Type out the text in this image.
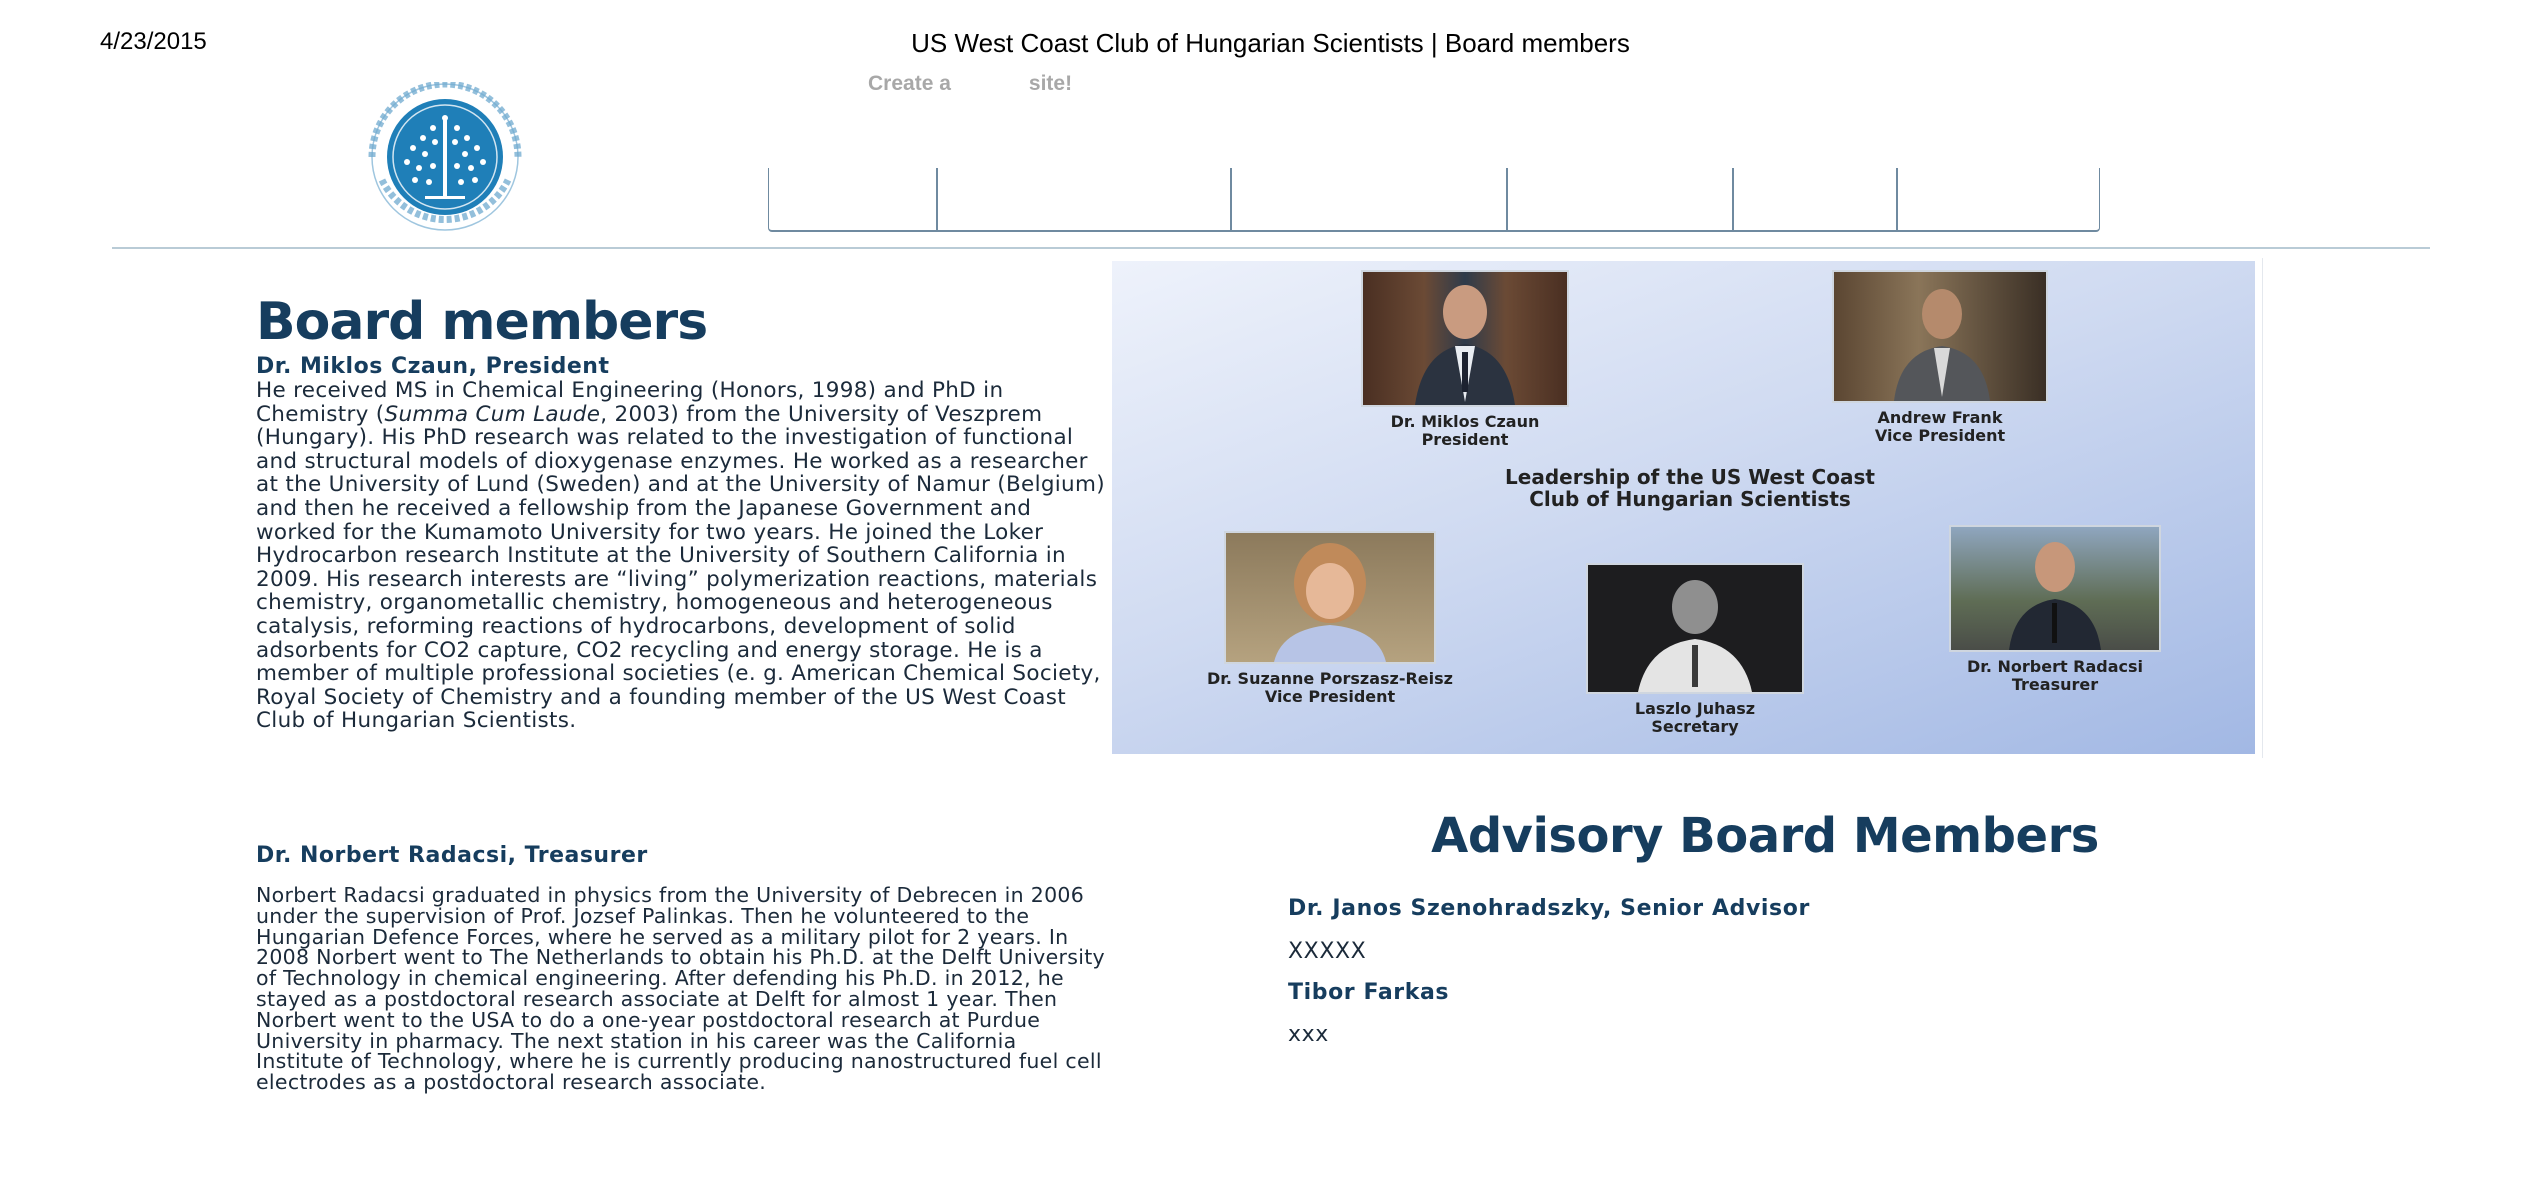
4/23/2015	US West Coast Club of Hungarian Scientists | Board members
Create a	site!
Board members

Dr. Miklos Czaun, President

He received MS in Chemical Engineering (Honors, 1998) and PhD in Chemistry (Summa Cum Laude, 2003) from the University of Veszprem (Hungary). His PhD research was related to the investigation of functional and structural models of dioxygenase enzymes. He worked as a researcher at the University of Lund (Sweden) and at the University of Namur (Belgium) and then he received a fellowship from the Japanese Government and worked for the Kumamoto University for two years. He joined the Loker Hydrocarbon research Institute at the University of Southern California in 2009. His research interests are “living” polymerization reactions, materials chemistry, organometallic chemistry, homogeneous and heterogeneous catalysis, reforming reactions of hydrocarbons, development of solid adsorbents for CO2 capture, CO2 recycling and energy storage. He is a member of multiple professional societies (e. g. American Chemical Society, Royal Society of Chemistry and a founding member of the US West Coast Club of Hungarian Scientists.

Dr. Norbert Radacsi, Treasurer

Norbert Radacsi graduated in physics from the University of Debrecen in 2006 under the supervision of Prof. Jozsef Palinkas. Then he volunteered to the Hungarian Defence Forces, where he served as a military pilot for 2 years. In 2008 Norbert went to The Netherlands to obtain his Ph.D. at the Delft University of Technology in chemical engineering. After defending his Ph.D. in 2012, he stayed as a postdoctoral research associate at Delft for almost 1 year. Then Norbert went to the USA to do a one-year postdoctoral research at Purdue University in pharmacy. The next station in his career was the California Institute of Technology, where he is currently producing nanostructured fuel cell electrodes as a postdoctoral research associate.

Dr. Miklos Czaun
President
Andrew Frank
Vice President
Leadership of the US West Coast
Club of Hungarian Scientists
Dr. Suzanne Porszasz-Reisz
Vice President
Laszlo Juhasz
Secretary
Dr. Norbert Radacsi
Treasurer
Advisory Board Members
Dr. Janos Szenohradszky, Senior Advisor
XXXXX
Tibor Farkas
xxx
